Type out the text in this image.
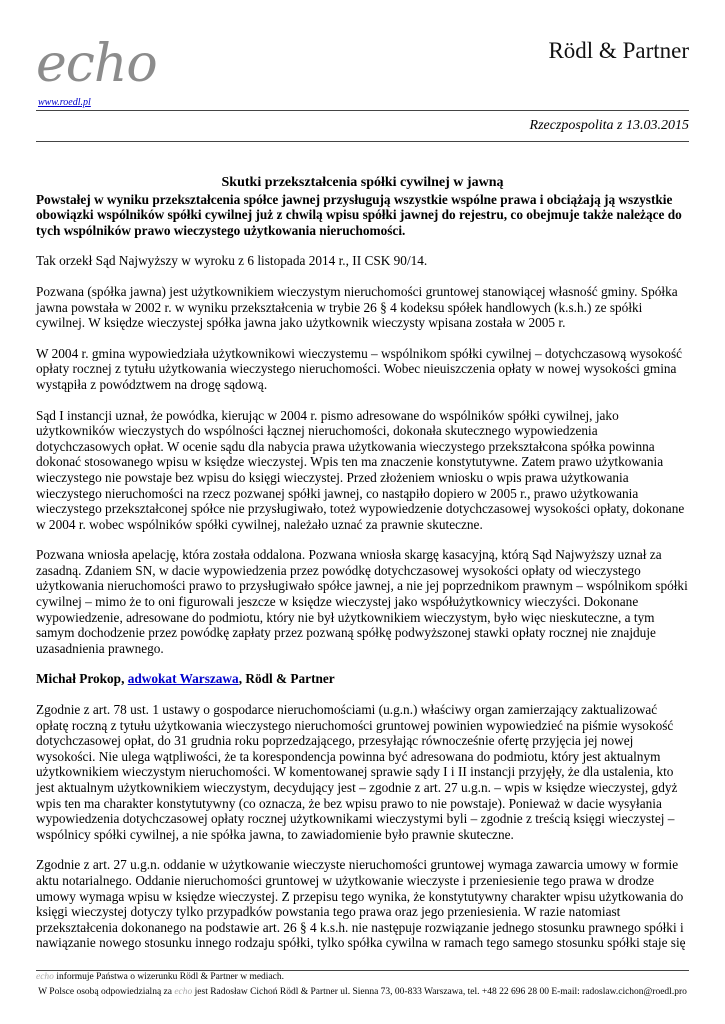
echo
www.roedl.pl
Rödl & Partner
Rzeczpospolita z 13.03.2015
Skutki przekształcenia spółki cywilnej w jawną

Powstałej w wyniku przekształcenia spółce jawnej przysługują wszystkie wspólne prawa i obciążają ją wszystkie obowiązki wspólników spółki cywilnej już z chwilą wpisu spółki jawnej do rejestru, co obejmuje także należące do tych wspólników prawo wieczystego użytkowania nieruchomości.

Tak orzekł Sąd Najwyższy w wyroku z 6 listopada 2014 r., II CSK 90/14.

Pozwana (spółka jawna) jest użytkownikiem wieczystym nieruchomości gruntowej stanowiącej własność gminy. Spółka jawna powstała w 2002 r. w wyniku przekształcenia w trybie 26 § 4 kodeksu spółek handlowych (k.s.h.) ze spółki cywilnej. W księdze wieczystej spółka jawna jako użytkownik wieczysty wpisana została w 2005 r.

W 2004 r. gmina wypowiedziała użytkownikowi wieczystemu – wspólnikom spółki cywilnej – dotychczasową wysokość opłaty rocznej z tytułu użytkowania wieczystego nieruchomości. Wobec nieuiszczenia opłaty w nowej wysokości gmina wystąpiła z powództwem na drogę sądową.

Sąd I instancji uznał, że powódka, kierując w 2004 r. pismo adresowane do wspólników spółki cywilnej, jako użytkowników wieczystych do wspólności łącznej nieruchomości, dokonała skutecznego wypowiedzenia dotychczasowych opłat. W ocenie sądu dla nabycia prawa użytkowania wieczystego przekształcona spółka powinna dokonać stosowanego wpisu w księdze wieczystej. Wpis ten ma znaczenie konstytutywne. Zatem prawo użytkowania wieczystego nie powstaje bez wpisu do księgi wieczystej. Przed złożeniem wniosku o wpis prawa użytkowania wieczystego nieruchomości na rzecz pozwanej spółki jawnej, co nastąpiło dopiero w 2005 r., prawo użytkowania wieczystego przekształconej spółce nie przysługiwało, toteż wypowiedzenie dotychczasowej wysokości opłaty, dokonane w 2004 r. wobec wspólników spółki cywilnej, należało uznać za prawnie skuteczne.

Pozwana wniosła apelację, która została oddalona. Pozwana wniosła skargę kasacyjną, którą Sąd Najwyższy uznał za zasadną. Zdaniem SN, w dacie wypowiedzenia przez powódkę dotychczasowej wysokości opłaty od wieczystego użytkowania nieruchomości prawo to przysługiwało spółce jawnej, a nie jej poprzednikom prawnym – wspólnikom spółki cywilnej – mimo że to oni figurowali jeszcze w księdze wieczystej jako współużytkownicy wieczyści. Dokonane wypowiedzenie, adresowane do podmiotu, który nie był użytkownikiem wieczystym, było więc nieskuteczne, a tym samym dochodzenie przez powódkę zapłaty przez pozwaną spółkę podwyższonej stawki opłaty rocznej nie znajduje uzasadnienia prawnego.

Michał Prokop, adwokat Warszawa, Rödl & Partner

Zgodnie z art. 78 ust. 1 ustawy o gospodarce nieruchomościami (u.g.n.) właściwy organ zamierzający zaktualizować opłatę roczną z tytułu użytkowania wieczystego nieruchomości gruntowej powinien wypowiedzieć na piśmie wysokość dotychczasowej opłat, do 31 grudnia roku poprzedzającego, przesyłając równocześnie ofertę przyjęcia jej nowej wysokości. Nie ulega wątpliwości, że ta korespondencja powinna być adresowana do podmiotu, który jest aktualnym użytkownikiem wieczystym nieruchomości. W komentowanej sprawie sądy I i II instancji przyjęły, że dla ustalenia, kto jest aktualnym użytkownikiem wieczystym, decydujący jest – zgodnie z art. 27 u.g.n. – wpis w księdze wieczystej, gdyż wpis ten ma charakter konstytutywny (co oznacza, że bez wpisu prawo to nie powstaje). Ponieważ w dacie wysyłania wypowiedzenia dotychczasowej opłaty rocznej użytkownikami wieczystymi byli – zgodnie z treścią księgi wieczystej – wspólnicy spółki cywilnej, a nie spółka jawna, to zawiadomienie było prawnie skuteczne.

Zgodnie z art. 27 u.g.n. oddanie w użytkowanie wieczyste nieruchomości gruntowej wymaga zawarcia umowy w formie aktu notarialnego. Oddanie nieruchomości gruntowej w użytkowanie wieczyste i przeniesienie tego prawa w drodze umowy wymaga wpisu w księdze wieczystej. Z przepisu tego wynika, że konstytutywny charakter wpisu użytkowania do księgi wieczystej dotyczy tylko przypadków powstania tego prawa oraz jego przeniesienia. W razie natomiast przekształcenia dokonanego na podstawie art. 26 § 4 k.s.h. nie następuje rozwiązanie jednego stosunku prawnego spółki i nawiązanie nowego stosunku innego rodzaju spółki, tylko spółka cywilna w ramach tego samego stosunku spółki staje się

echo informuje Państwa o wizerunku Rödl & Partner w mediach.
W Polsce osobą odpowiedzialną za echo jest Radosław Cichoń Rödl & Partner ul. Sienna 73, 00-833 Warszawa, tel. +48 22 696 28 00 E-mail: radoslaw.cichon@roedl.pro
